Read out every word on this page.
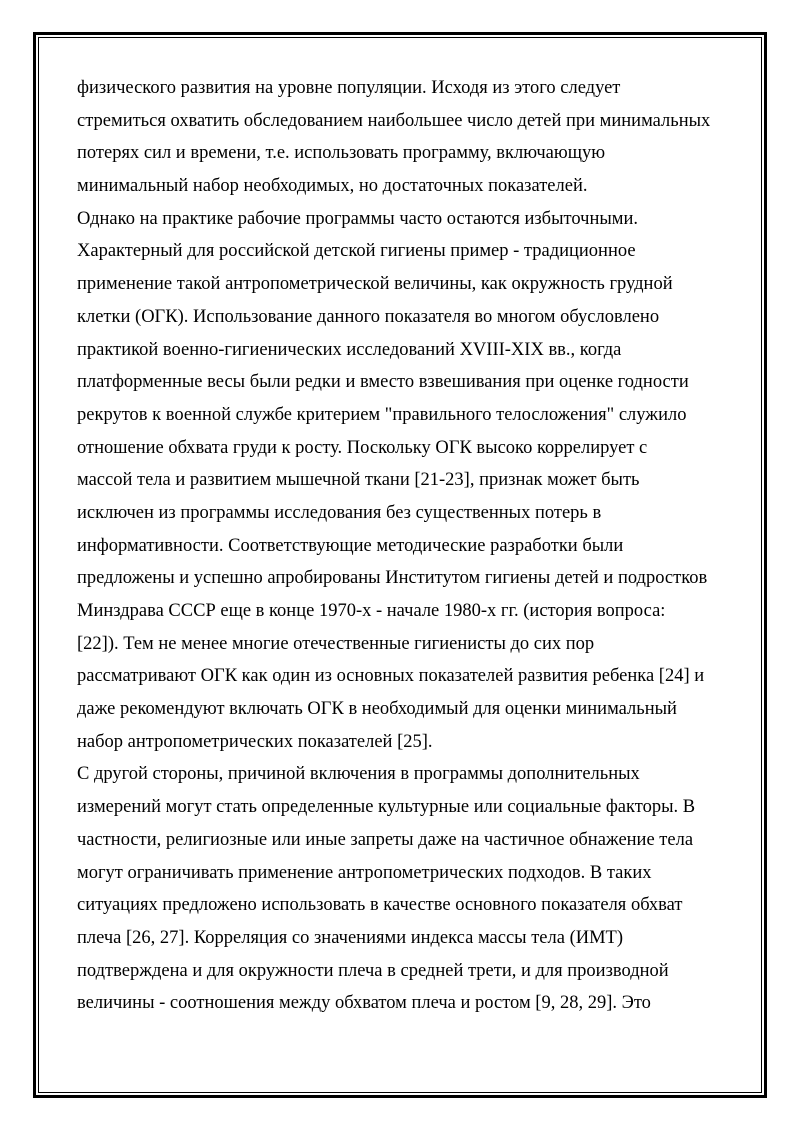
физического развития на уровне популяции. Исходя из этого следует
стремиться охватить обследованием наибольшее число детей при минимальных
потерях сил и времени, т.е. использовать программу, включающую
минимальный набор необходимых, но достаточных показателей.
Однако на практике рабочие программы часто остаются избыточными.
Характерный для российской детской гигиены пример - традиционное
применение такой антропометрической величины, как окружность грудной
клетки (ОГК). Использование данного показателя во многом обусловлено
практикой военно-гигиенических исследований XVIII-XIX вв., когда
платформенные весы были редки и вместо взвешивания при оценке годности
рекрутов к военной службе критерием "правильного телосложения" служило
отношение обхвата груди к росту. Поскольку ОГК высоко коррелирует с
массой тела и развитием мышечной ткани [21-23], признак может быть
исключен из программы исследования без существенных потерь в
информативности. Соответствующие методические разработки были
предложены и успешно апробированы Институтом гигиены детей и подростков
Минздрава СССР еще в конце 1970-х - начале 1980-х гг. (история вопроса:
[22]). Тем не менее многие отечественные гигиенисты до сих пор
рассматривают ОГК как один из основных показателей развития ребенка [24] и
даже рекомендуют включать ОГК в необходимый для оценки минимальный
набор антропометрических показателей [25].
С другой стороны, причиной включения в программы дополнительных
измерений могут стать определенные культурные или социальные факторы. В
частности, религиозные или иные запреты даже на частичное обнажение тела
могут ограничивать применение антропометрических подходов. В таких
ситуациях предложено использовать в качестве основного показателя обхват
плеча [26, 27]. Корреляция со значениями индекса массы тела (ИМТ)
подтверждена и для окружности плеча в средней трети, и для производной
величины - соотношения между обхватом плеча и ростом [9, 28, 29]. Это
